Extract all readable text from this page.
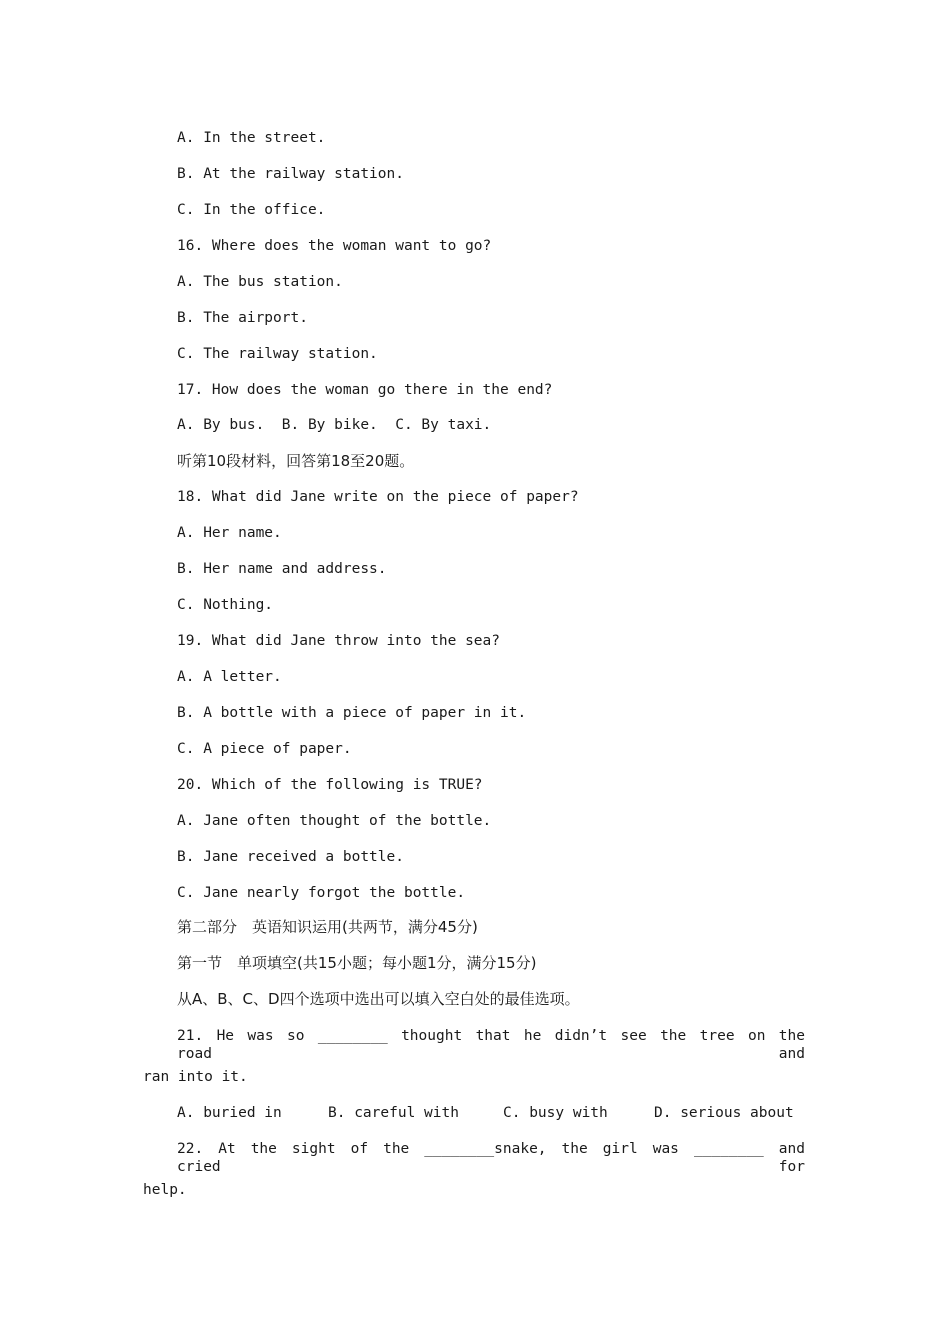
A. In the street.
B. At the railway station.
C. In the office.
16. Where does the woman want to go?
A. The bus station.
B. The airport.
C. The railway station.
17. How does the woman go there in the end?
A. By bus.  B. By bike.  C. By taxi.
听第10段材料，回答第18至20题。
18. What did Jane write on the piece of paper?
A. Her name.
B. Her name and address.
C. Nothing.
19. What did Jane throw into the sea?
A. A letter.
B. A bottle with a piece of paper in it.
C. A piece of paper.
20. Which of the following is TRUE?
A. Jane often thought of the bottle.
B. Jane received a bottle.
C. Jane nearly forgot the bottle.
第二部分　英语知识运用(共两节，满分45分)
第一节　单项填空(共15小题；每小题1分，满分15分)
从A、B、C、D四个选项中选出可以填入空白处的最佳选项。
21. He was so ________ thought that he didn’t see the tree on the road and
ran into it.
A. buried in	B. careful with	C. busy with	D. serious about
22. At the sight of the ________snake, the girl was ________ and cried for
help.
